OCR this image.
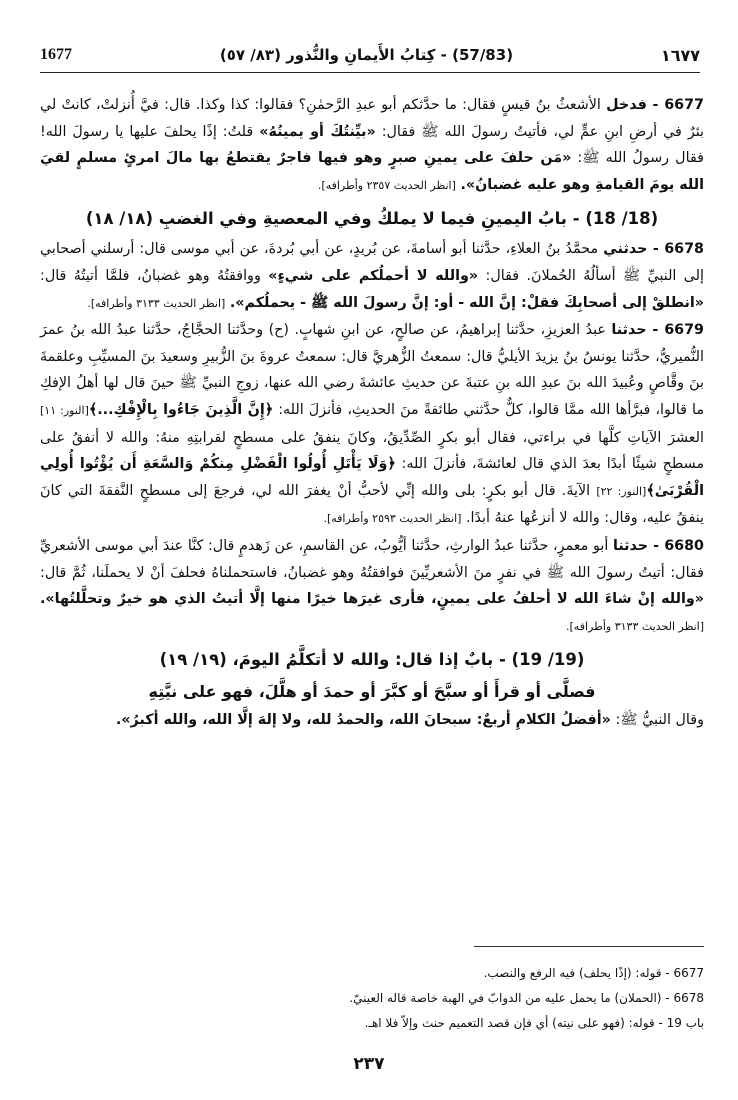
1677	(57/83) - كِتابُ الأَيمانِ والنُّذور (٨٣/ ٥٧)	١٦٧٧

6677 - فدخل الأشعثُ بنُ قيسٍ فقال: ما حدَّثكم أبو عبدِ الرَّحمٰنِ؟ فقالوا: كذا وكذا. قال: فيَّ أُنزلتْ، كانتْ لي بئرٌ في أرضِ ابنِ عمٍّ لي، فأتيتُ رسولَ الله ﷺ فقال: «بيِّنتُكَ أو يمينُهُ» قلتُ: إذًا يحلفَ عليها يا رسولَ الله! فقال رسولُ الله ﷺ: «مَن حلفَ على يمينِ صبرٍ وهو فيها فاجرٌ يقتطعُ بها مالَ امرئٍ مسلمٍ لقيَ الله يومَ القيامةِ وهو عليه غضبانُ». [انظر الحديث ٢٣٥٧ وأطرافه].

(18/ 18) - بابُ اليمينِ فيما لا يملكُ وفي المعصيةِ وفي الغضبِ (١٨/ ١٨)

6678 - حدثني محمَّدُ بنُ العلاءِ، حدَّثنا أبو أسامةَ، عن بُريدٍ، عن أبي بُردةَ، عن أبي موسى قال: أرسلني أصحابي إلى النبيِّ ﷺ أسألُهُ الحُملانَ. فقال: «والله لا أحملُكم على شيءٍ» ووافقتُهُ وهو غضبانُ، فلمَّا أتيتُهُ قال: «انطلقْ إلى أصحابِكَ فقلْ: إنَّ الله - أو: إنَّ رسولَ الله ﷺ - يحملُكم». [انظر الحديث ٣١٣٣ وأطرافه].

6679 - حدثنا عبدُ العزيزِ، حدَّثنا إبراهيمُ، عن صالحٍ، عن ابنِ شهابٍ. (ح) وحدَّثنا الحجَّاجُ، حدَّثنا عبدُ الله بنُ عمرَ النُّميريُّ، حدَّثنا يونسُ بنُ يزيدَ الأيليُّ قال: سمعتُ الزُّهريَّ قال: سمعتُ عروةَ بنَ الزُّبيرِ وسعيدَ بنَ المسيِّبِ وعلقمةَ بنَ وقَّاصٍ وعُبيدَ الله بنَ عبدِ الله بنِ عتبةَ عن حديثِ عائشةَ رضي الله عنها، زوجِ النبيِّ ﷺ حينَ قال لها أهلُ الإفكِ ما قالوا، فبرَّأها الله ممَّا قالوا، كلٌّ حدَّثني طائفةً منَ الحديثِ، فأنزلَ الله: ﴿إِنَّ الَّذِينَ جَاءُوا بِالْإِفْكِ...﴾[النور: ١١] العشرَ الآياتِ كلَّها في براءتي، فقال أبو بكرٍ الصِّدِّيقُ، وكانَ ينفقُ على مسطحٍ لقرابتِهِ منهُ: والله لا أنفقُ على مسطحٍ شيئًا أبدًا بعدَ الذي قال لعائشةَ، فأنزلَ الله: ﴿وَلَا يَأْتَلِ أُولُوا الْفَضْلِ مِنكُمْ وَالسَّعَةِ أَن يُؤْتُوا أُولِي الْقُرْبَىٰ﴾[النور: ٢٢] الآيةَ. قال أبو بكرٍ: بلى والله إنِّي لأحبُّ أنْ يغفرَ الله لي، فرجعَ إلى مسطحٍ النَّفقةَ التي كانَ ينفقُ عليه، وقال: والله لا أنزعُها عنهُ أبدًا. [انظر الحديث ٢٥٩٣ وأطرافه].

6680 - حدثنا أبو معمرٍ، حدَّثنا عبدُ الوارثِ، حدَّثنا أيُّوبُ، عن القاسمِ، عن زَهدمٍ قال: كنَّا عندَ أبي موسى الأشعريِّ فقال: أتيتُ رسولَ الله ﷺ في نفرٍ منَ الأشعريِّينَ فوافقتُهُ وهو غضبانُ، فاستحملناهُ فحلفَ أنْ لا يحملَنا، ثُمَّ قال: «والله إنْ شاءَ الله لا أحلفُ على يمينٍ، فأرى غيرَها خيرًا منها إلَّا أتيتُ الذي هو خيرٌ وتحلَّلتُها». [انظر الحديث ٣١٣٣ وأطرافه].

(19/ 19) - بابٌ إذا قال: والله لا أتكلَّمُ اليومَ، (١٩/ ١٩)
فصلَّى أو قرأَ أو سبَّحَ أو كبَّرَ أو حمدَ أو هلَّلَ، فهو على نيَّتِهِ

وقال النبيُّ ﷺ: «أفضلُ الكلامِ أربعٌ: سبحانَ الله، والحمدُ لله، ولا إلهَ إلَّا الله، والله أكبرُ».

6677 - قوله: (إذًا يحلف) فيه الرفع والنصب.

6678 - (الحملان) ما يحمل عليه من الدوابّ في الهبة خاصة قاله العينيّ.

باب 19 - قوله: (فهو على نيته) أي فإن قصد التعميم حنث وإلاّ فلا اهـ.

٢٣٧
